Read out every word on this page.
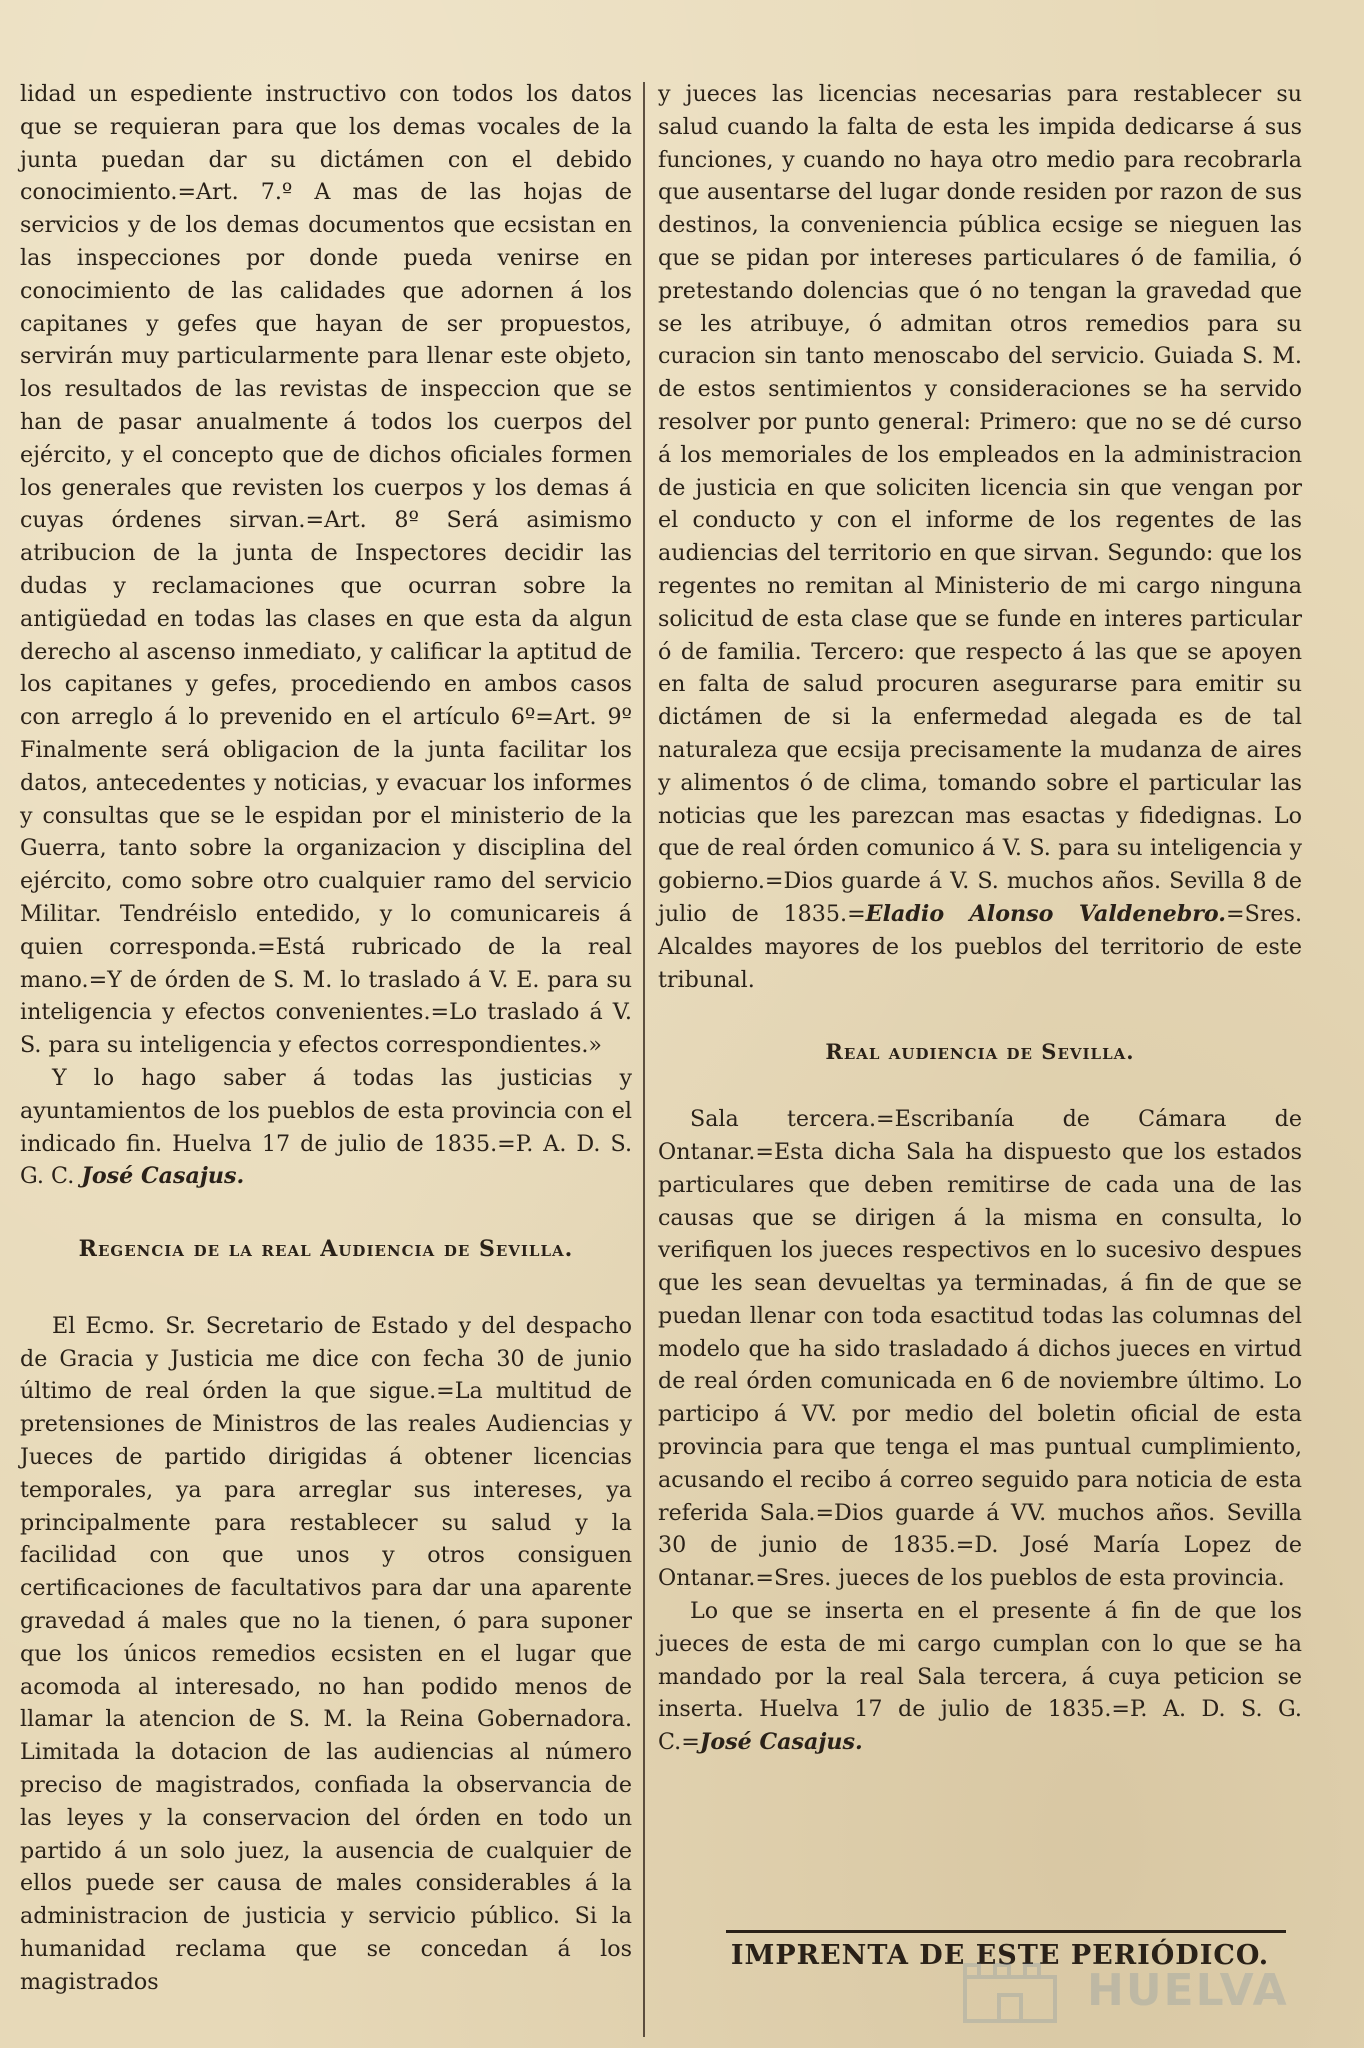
lidad un espediente instructivo con todos los datos que se requieran para que los demas vocales de la junta puedan dar su dictámen con el debido conocimiento.=Art. 7.º A mas de las hojas de servicios y de los demas documentos que ecsistan en las inspecciones por donde pueda venirse en conocimiento de las calidades que adornen á los capitanes y gefes que hayan de ser propuestos, servirán muy particularmente para llenar este objeto, los resultados de las revistas de inspeccion que se han de pasar anualmente á todos los cuerpos del ejército, y el concepto que de dichos oficiales formen los generales que revisten los cuerpos y los demas á cuyas órdenes sirvan.=Art. 8º Será asimismo atribucion de la junta de Inspectores decidir las dudas y reclamaciones que ocurran sobre la antigüedad en todas las clases en que esta da algun derecho al ascenso inmediato, y calificar la aptitud de los capitanes y gefes, procediendo en ambos casos con arreglo á lo prevenido en el artículo 6º=Art. 9º Finalmente será obligacion de la junta facilitar los datos, antecedentes y noticias, y evacuar los informes y consultas que se le espidan por el ministerio de la Guerra, tanto sobre la organizacion y disciplina del ejército, como sobre otro cualquier ramo del servicio Militar. Tendréislo entedido, y lo comunicareis á quien corresponda.=Está rubricado de la real mano.=Y de órden de S. M. lo traslado á V. E. para su inteligencia y efectos convenientes.=Lo traslado á V. S. para su inteligencia y efectos correspondientes.»

Y lo hago saber á todas las justicias y ayuntamientos de los pueblos de esta provincia con el indicado fin. Huelva 17 de julio de 1835.=P. A. D. S. G. C. José Casajus.

Regencia de la real Audiencia de Sevilla.

El Ecmo. Sr. Secretario de Estado y del despacho de Gracia y Justicia me dice con fecha 30 de junio último de real órden la que sigue.=La multitud de pretensiones de Ministros de las reales Audiencias y Jueces de partido dirigidas á obtener licencias temporales, ya para arreglar sus intereses, ya principalmente para restablecer su salud y la facilidad con que unos y otros consiguen certificaciones de facultativos para dar una aparente gravedad á males que no la tienen, ó para suponer que los únicos remedios ecsisten en el lugar que acomoda al interesado, no han podido menos de llamar la atencion de S. M. la Reina Gobernadora. Limitada la dotacion de las audiencias al número preciso de magistrados, confiada la observancia de las leyes y la conservacion del órden en todo un partido á un solo juez, la ausencia de cualquier de ellos puede ser causa de males considerables á la administracion de justicia y servicio público. Si la humanidad reclama que se concedan á los magistrados

y jueces las licencias necesarias para restablecer su salud cuando la falta de esta les impida dedicarse á sus funciones, y cuando no haya otro medio para recobrarla que ausentarse del lugar donde residen por razon de sus destinos, la conveniencia pública ecsige se nieguen las que se pidan por intereses particulares ó de familia, ó pretestando dolencias que ó no tengan la gravedad que se les atribuye, ó admitan otros remedios para su curacion sin tanto menoscabo del servicio. Guiada S. M. de estos sentimientos y consideraciones se ha servido resolver por punto general: Primero: que no se dé curso á los memoriales de los empleados en la administracion de justicia en que soliciten licencia sin que vengan por el conducto y con el informe de los regentes de las audiencias del territorio en que sirvan. Segundo: que los regentes no remitan al Ministerio de mi cargo ninguna solicitud de esta clase que se funde en interes particular ó de familia. Tercero: que respecto á las que se apoyen en falta de salud procuren asegurarse para emitir su dictámen de si la enfermedad alegada es de tal naturaleza que ecsija precisamente la mudanza de aires y alimentos ó de clima, tomando sobre el particular las noticias que les parezcan mas esactas y fidedignas. Lo que de real órden comunico á V. S. para su inteligencia y gobierno.=Dios guarde á V. S. muchos años. Sevilla 8 de julio de 1835.=Eladio Alonso Valdenebro.=Sres. Alcaldes mayores de los pueblos del territorio de este tribunal.

Real audiencia de Sevilla.

Sala tercera.=Escribanía de Cámara de Ontanar.=Esta dicha Sala ha dispuesto que los estados particulares que deben remitirse de cada una de las causas que se dirigen á la misma en consulta, lo verifiquen los jueces respectivos en lo sucesivo despues que les sean devueltas ya terminadas, á fin de que se puedan llenar con toda esactitud todas las columnas del modelo que ha sido trasladado á dichos jueces en virtud de real órden comunicada en 6 de noviembre último. Lo participo á VV. por medio del boletin oficial de esta provincia para que tenga el mas puntual cumplimiento, acusando el recibo á correo seguido para noticia de esta referida Sala.=Dios guarde á VV. muchos años. Sevilla 30 de junio de 1835.=D. José María Lopez de Ontanar.=Sres. jueces de los pueblos de esta provincia.

Lo que se inserta en el presente á fin de que los jueces de esta de mi cargo cumplan con lo que se ha mandado por la real Sala tercera, á cuya peticion se inserta. Huelva 17 de julio de 1835.=P. A. D. S. G. C.=José Casajus.

IMPRENTA DE ESTE PERIÓDICO.
HUELVA
